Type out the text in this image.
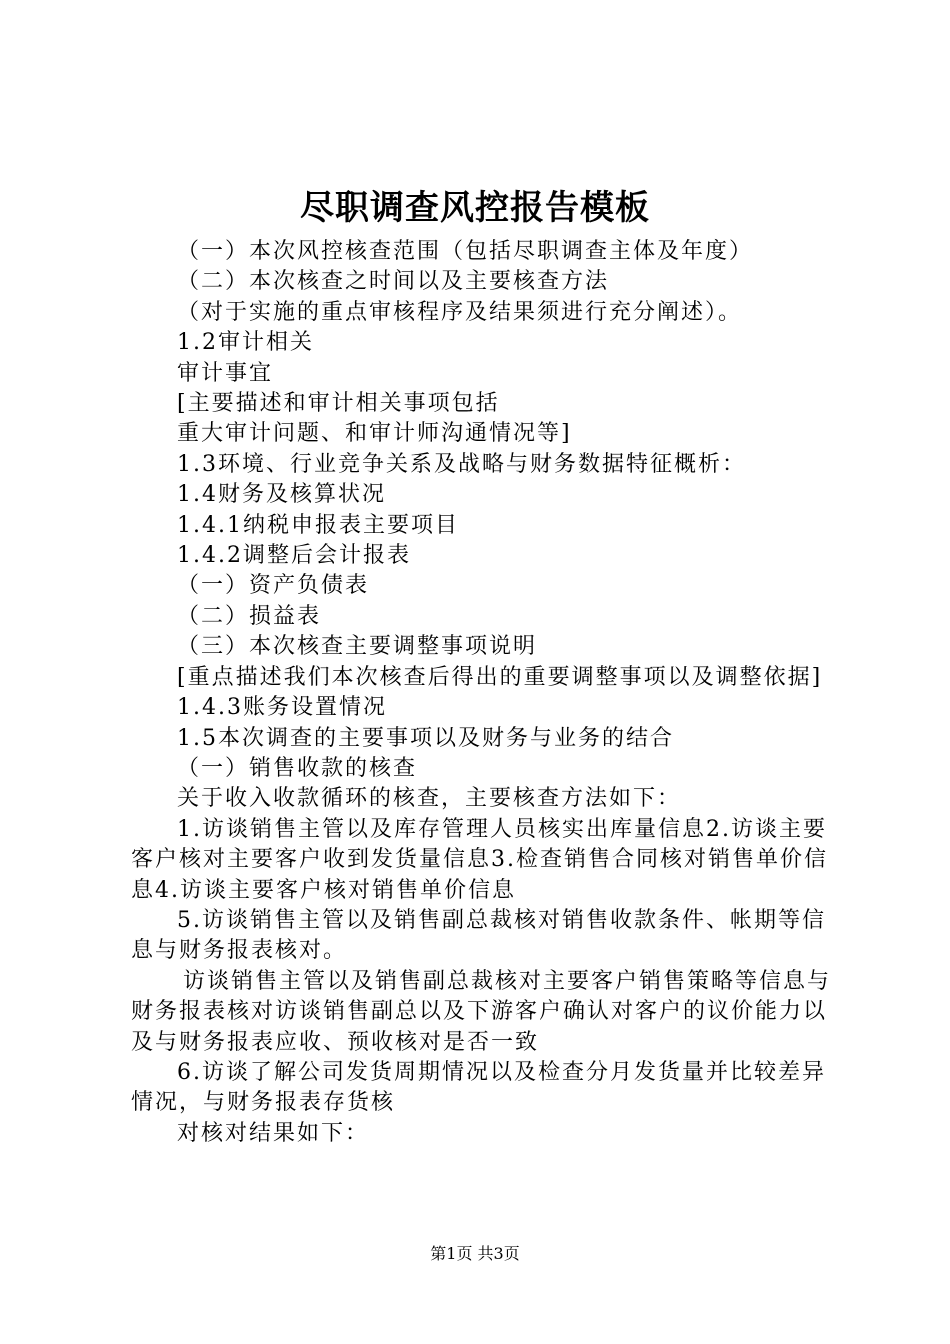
尽职调查风控报告模板

（一）本次风控核查范围（包括尽职调查主体及年度）

（二）本次核查之时间以及主要核查方法

（对于实施的重点审核程序及结果须进行充分阐述）。

1.2审计相关

审计事宜

[主要描述和审计相关事项包括

重大审计问题、和审计师沟通情况等]

1.3环境、行业竞争关系及战略与财务数据特征概析：

1.4财务及核算状况

1.4.1纳税申报表主要项目

1.4.2调整后会计报表

（一）资产负债表

（二）损益表

（三）本次核查主要调整事项说明

[重点描述我们本次核查后得出的重要调整事项以及调整依据]

1.4.3账务设置情况

1.5本次调查的主要事项以及财务与业务的结合

（一）销售收款的核查

关于收入收款循环的核查，主要核查方法如下：

1.访谈销售主管以及库存管理人员核实出库量信息2.访谈主要客户核对主要客户收到发货量信息3.检查销售合同核对销售单价信息4.访谈主要客户核对销售单价信息

5.访谈销售主管以及销售副总裁核对销售收款条件、帐期等信息与财务报表核对。

访谈销售主管以及销售副总裁核对主要客户销售策略等信息与财务报表核对访谈销售副总以及下游客户确认对客户的议价能力以及与财务报表应收、预收核对是否一致

6.访谈了解公司发货周期情况以及检查分月发货量并比较差异情况，与财务报表存货核

对核对结果如下：

第1页 共3页
